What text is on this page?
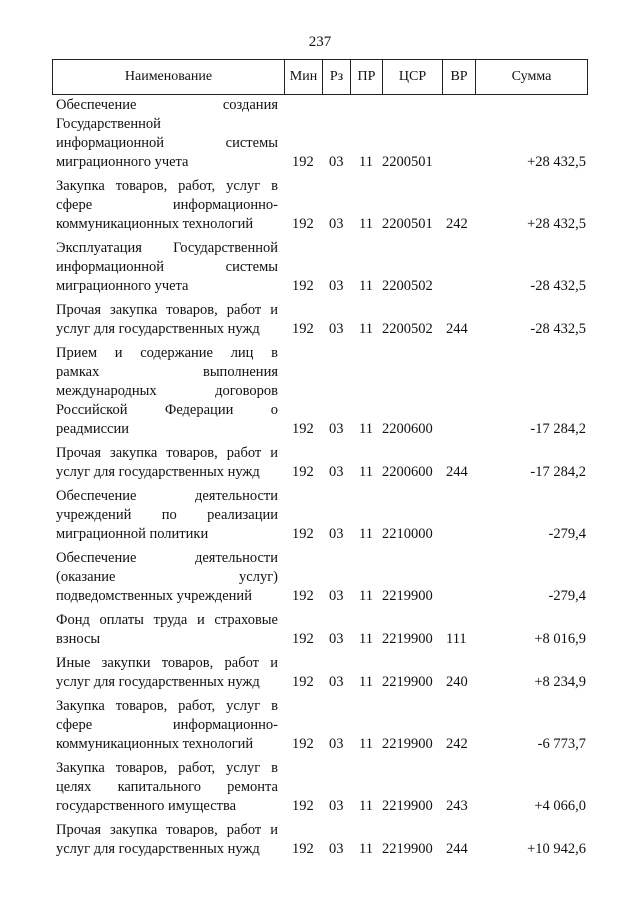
237
Наименование	Мин Рз	ПР	ЦСР	ВР	Сумма
Обеспечение создания
Государственной
информационной системы
миграционного учета	192 03 11 2200501	+28 432,5
Закупка товаров, работ, услуг в
сфере информационно-
коммуникационных технологий	192 03 11 2200501 242	+28 432,5
Эксплуатация Государственной
информационной системы
миграционного учета	192 03 11 2200502	-28 432,5
Прочая закупка товаров, работ и
услуг для государственных нужд	192 03 11 2200502 244	-28 432,5
Прием и содержание лиц в
рамках выполнения
международных договоров
Российской Федерации о
реадмиссии	192 03 11 2200600	-17 284,2
Прочая закупка товаров, работ и
услуг для государственных нужд	192 03 11 2200600 244	-17 284,2
Обеспечение деятельности
учреждений по реализации
миграционной политики	192 03 11 2210000	-279,4
Обеспечение деятельности
(оказание услуг)
подведомственных учреждений	192 03 11 2219900	-279,4
Фонд оплаты труда и страховые
взносы	192 03 11 2219900 111	+8 016,9
Иные закупки товаров, работ и
услуг для государственных нужд	192 03 11 2219900 240	+8 234,9
Закупка товаров, работ, услуг в
сфере информационно-
коммуникационных технологий	192 03 11 2219900 242	-6 773,7
Закупка товаров, работ, услуг в
целях капитального ремонта
государственного имущества	192 03 11 2219900 243	+4 066,0
Прочая закупка товаров, работ и
услуг для государственных нужд	192 03 11 2219900 244	+10 942,6
